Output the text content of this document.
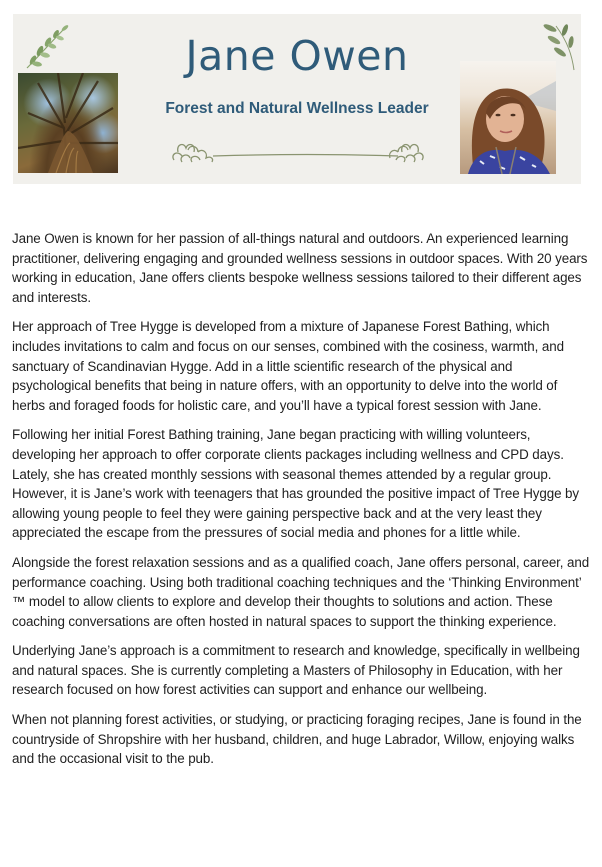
Jane Owen
Forest and Natural Wellness Leader

Jane Owen is known for her passion of all-things natural and outdoors. An experienced learning practitioner, delivering engaging and grounded wellness sessions in outdoor spaces. With 20 years working in education, Jane offers clients bespoke wellness sessions tailored to their different ages and interests.

Her approach of Tree Hygge is developed from a mixture of Japanese Forest Bathing, which includes invitations to calm and focus on our senses, combined with the cosiness, warmth, and sanctuary of Scandinavian Hygge. Add in a little scientific research of the physical and psychological benefits that being in nature offers, with an opportunity to delve into the world of herbs and foraged foods for holistic care, and you’ll have a typical forest session with Jane.

Following her initial Forest Bathing training, Jane began practicing with willing volunteers, developing her approach to offer corporate clients packages including wellness and CPD days. Lately, she has created monthly sessions with seasonal themes attended by a regular group. However, it is Jane’s work with teenagers that has grounded the positive impact of Tree Hygge by allowing young people to feel they were gaining perspective back and at the very least they appreciated the escape from the pressures of social media and phones for a little while.

Alongside the forest relaxation sessions and as a qualified coach, Jane offers personal, career, and performance coaching. Using both traditional coaching techniques and the ‘Thinking Environment’ ™ model to allow clients to explore and develop their thoughts to solutions and action. These coaching conversations are often hosted in natural spaces to support the thinking experience.

Underlying Jane’s approach is a commitment to research and knowledge, specifically in wellbeing and natural spaces. She is currently completing a Masters of Philosophy in Education, with her research focused on how forest activities can support and enhance our wellbeing.

When not planning forest activities, or studying, or practicing foraging recipes, Jane is found in the countryside of Shropshire with her husband, children, and huge Labrador, Willow, enjoying walks and the occasional visit to the pub.
